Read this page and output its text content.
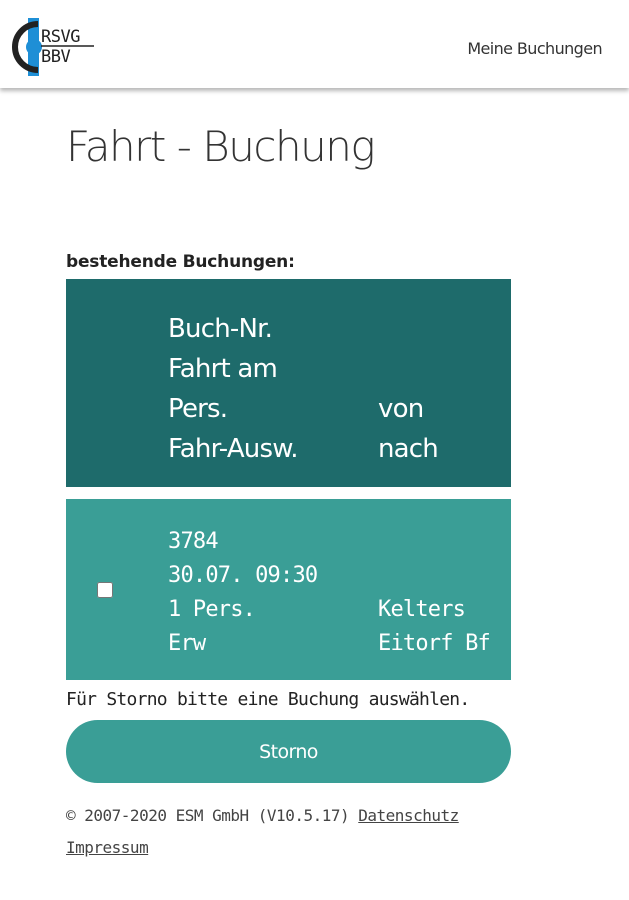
RSVG
BBV	Meine Buchungen
Fahrt - Buchung
bestehende Buchungen:
Buch-Nr.
Fahrt am
Pers.
Fahr-Ausw.
von
nach
3784
30.07. 09:30
1 Pers.
Erw
Kelters
Eitorf Bf
Für Storno bitte eine Buchung auswählen.
Storno
© 2007-2020 ESM GmbH (V10.5.17) Datenschutz
Impressum
